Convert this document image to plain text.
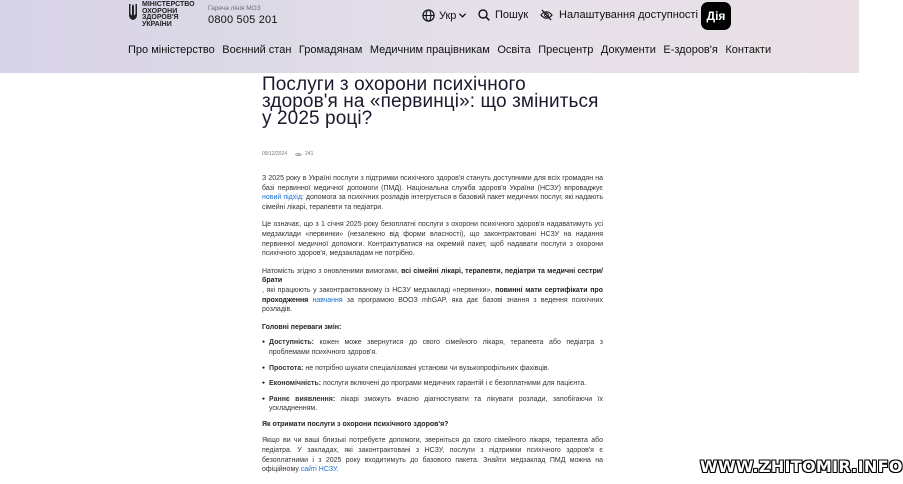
МІНІСТЕРСТВО
ОХОРОНИ
ЗДОРОВ'Я
УКРАЇНИ
Гаряча лінія МОЗ
0800 505 201	Укр	Пошук	Налаштування доступності Дія
Про міністерство Воєнний стан Громадянам Медичним працівникам Освіта Пресцентр Документи Е-здоров'я Контакти
Послуги з охорони психічного здоров'я на «первинці»: що зміниться у 2025 році?
09/12/2024	241

З 2025 року в Україні послуги з підтримки психічного здоров'я стануть доступними для всіх громадян на базі первинної медичної допомоги (ПМД). Національна служба здоров'я України (НСЗУ) впроваджує новий підхід: допомога за психічних розладів інтегрується в базовий пакет медичних послуг, які надають сімейні лікарі, терапевти та педіатри.

Це означає, що з 1 січня 2025 року безоплатні послуги з охорони психічного здоров'я надаватимуть усі медзаклади «первинки» (незалежно від форми власності), що законтрактовані НСЗУ на надання первинної медичної допомоги. Контрактуватися на окремий пакет, щоб надавати послуги з охорони психічного здоров'я, медзакладам не потрібно.

Натомість згідно з оновленими вимогами, всі сімейні лікарі, терапевти, педіатри та медичні сестри/брати
, які працюють у законтрактованому із НСЗУ медзакладі «первинки», повинні мати сертифікати про проходження навчання за програмою ВООЗ mhGAP, яка дає базові знання з ведення психічних розладів.

Головні переваги змін:

● Доступність: кожен може звернутися до свого сімейного лікаря, терапевта або педіатра з проблемами психічного здоров'я.
● Простота: не потрібно шукати спеціалізовані установи чи вузькопрофільних фахівців.
● Економічність: послуги включені до програми медичних гарантій і є безоплатними для пацієнта.
● Раннє виявлення: лікарі зможуть вчасно діагностувати та лікувати розлади, запобігаючи їх ускладненням.

Як отримати послуги з охорони психічного здоров'я?

Якщо ви чи ваші близькі потребуєте допомоги, зверніться до свого сімейного лікаря, терапевта або педіатра. У закладах, які законтрактовані з НСЗУ, послуги з підтримки психічного здоров'я є безоплатними і з 2025 року входитимуть до базового пакета. Знайти медзаклад ПМД можна на офіційному сайті НСЗУ.	WWW.ZHITOMIR.INFO
